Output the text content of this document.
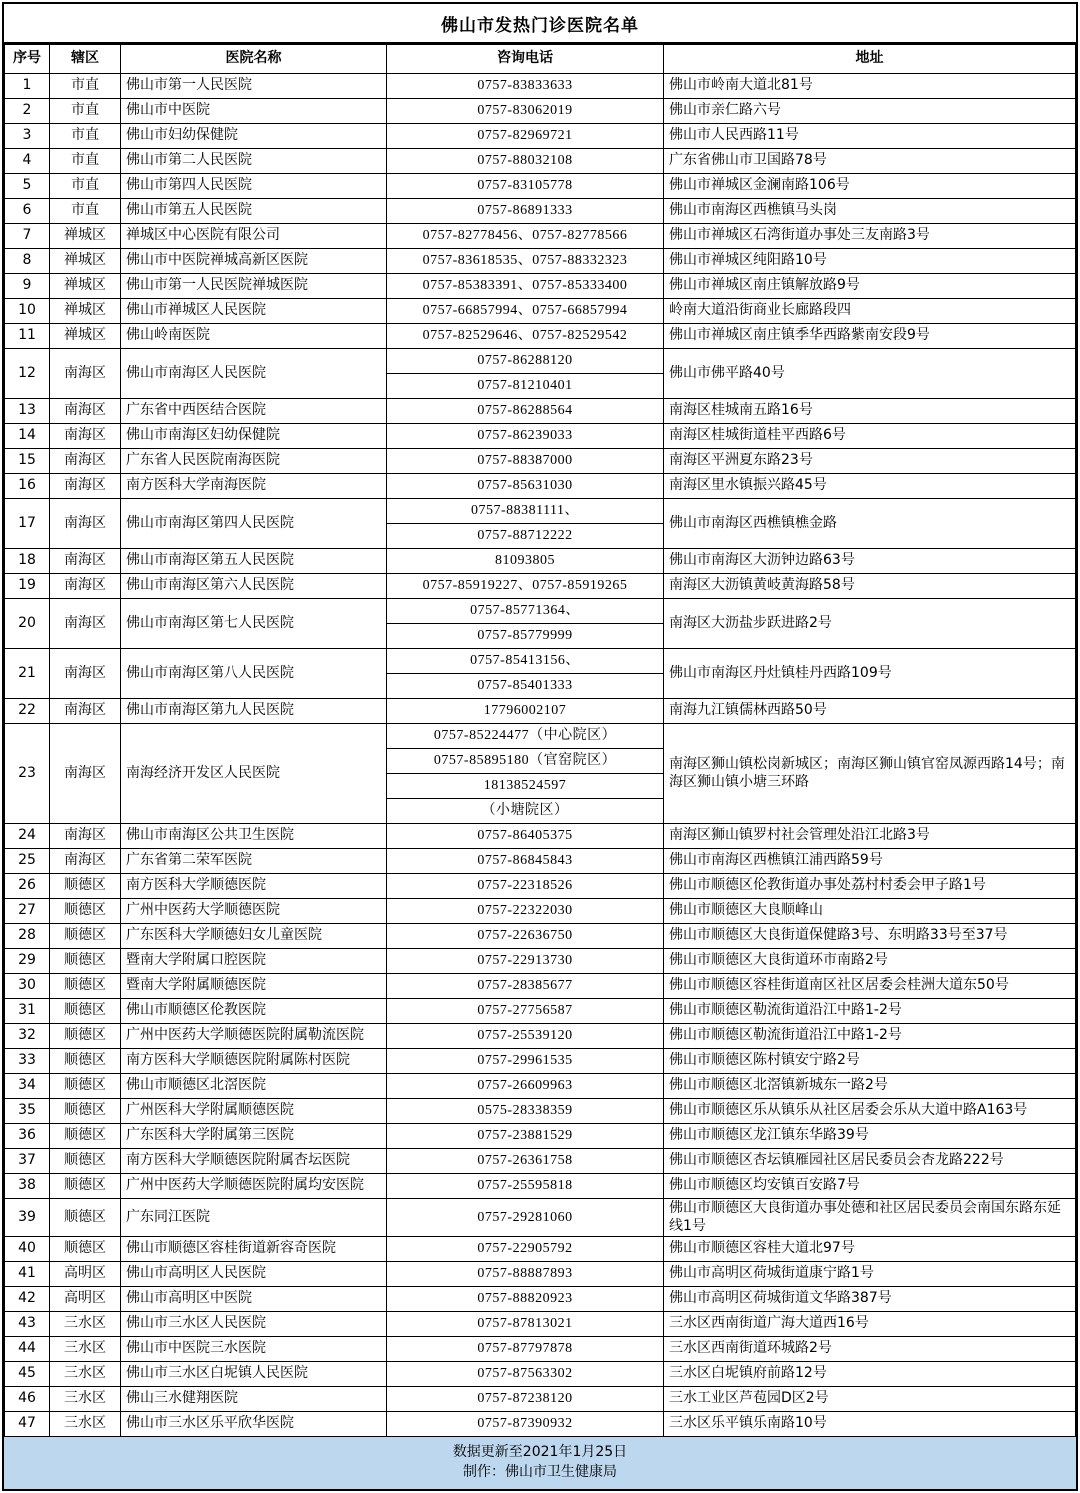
佛山市发热门诊医院名单
序号	辖区	医院名称	咨询电话	地址
1	市直	佛山市第一人民医院	0757-83833633	佛山市岭南大道北81号
2	市直	佛山市中医院	0757-83062019	佛山市亲仁路六号
3	市直	佛山市妇幼保健院	0757-82969721	佛山市人民西路11号
4	市直	佛山市第二人民医院	0757-88032108	广东省佛山市卫国路78号
5	市直	佛山市第四人民医院	0757-83105778	佛山市禅城区金澜南路106号
6	市直	佛山市第五人民医院	0757-86891333	佛山市南海区西樵镇马头岗
7	禅城区	禅城区中心医院有限公司	0757-82778456、0757-82778566	佛山市禅城区石湾街道办事处三友南路3号
8	禅城区	佛山市中医院禅城高新区医院	0757-83618535、0757-88332323	佛山市禅城区纯阳路10号
9	禅城区	佛山市第一人民医院禅城医院	0757-85383391、0757-85333400	佛山市禅城区南庄镇解放路9号
10	禅城区	佛山市禅城区人民医院	0757-66857994、0757-66857994	岭南大道沿街商业长廊路段四
11	禅城区	佛山岭南医院	0757-82529646、0757-82529542	佛山市禅城区南庄镇季华西路紫南安段9号
12	南海区	佛山市南海区人民医院	0757-86288120	佛山市佛平路40号
			0757-81210401	
13	南海区	广东省中西医结合医院	0757-86288564	南海区桂城南五路16号
14	南海区	佛山市南海区妇幼保健院	0757-86239033	南海区桂城街道桂平西路6号
15	南海区	广东省人民医院南海医院	0757-88387000	南海区平洲夏东路23号
16	南海区	南方医科大学南海医院	0757-85631030	南海区里水镇振兴路45号
17	南海区	佛山市南海区第四人民医院	0757-88381111、	佛山市南海区西樵镇樵金路
			0757-88712222	
18	南海区	佛山市南海区第五人民医院	81093805	佛山市南海区大沥钟边路63号
19	南海区	佛山市南海区第六人民医院	0757-85919227、0757-85919265	南海区大沥镇黄岐黄海路58号
20	南海区	佛山市南海区第七人民医院	0757-85771364、	南海区大沥盐步跃进路2号
			0757-85779999	
21	南海区	佛山市南海区第八人民医院	0757-85413156、	佛山市南海区丹灶镇桂丹西路109号
			0757-85401333	
22	南海区	佛山市南海区第九人民医院	17796002107	南海九江镇儒林西路50号
23	南海区	南海经济开发区人民医院	0757-85224477（中心院区）	南海区狮山镇松岗新城区；南海区狮山镇官窑凤源西路14号；南海区狮山镇小塘三环路
			0757-85895180（官窑院区）	
			18138524597	
			（小塘院区）	
24	南海区	佛山市南海区公共卫生医院	0757-86405375	南海区狮山镇罗村社会管理处沿江北路3号
25	南海区	广东省第二荣军医院	0757-86845843	佛山市南海区西樵镇江浦西路59号
26	顺德区	南方医科大学顺德医院	0757-22318526	佛山市顺德区伦教街道办事处荔村村委会甲子路1号
27	顺德区	广州中医药大学顺德医院	0757-22322030	佛山市顺德区大良顺峰山
28	顺德区	广东医科大学顺德妇女儿童医院	0757-22636750	佛山市顺德区大良街道保健路3号、东明路33号至37号
29	顺德区	暨南大学附属口腔医院	0757-22913730	佛山市顺德区大良街道环市南路2号
30	顺德区	暨南大学附属顺德医院	0757-28385677	佛山市顺德区容桂街道南区社区居委会桂洲大道东50号
31	顺德区	佛山市顺德区伦教医院	0757-27756587	佛山市顺德区勒流街道沿江中路1-2号
32	顺德区	广州中医药大学顺德医院附属勒流医院	0757-25539120	佛山市顺德区勒流街道沿江中路1-2号
33	顺德区	南方医科大学顺德医院附属陈村医院	0757-29961535	佛山市顺德区陈村镇安宁路2号
34	顺德区	佛山市顺德区北滘医院	0757-26609963	佛山市顺德区北滘镇新城东一路2号
35	顺德区	广州医科大学附属顺德医院	0575-28338359	佛山市顺德区乐从镇乐从社区居委会乐从大道中路A163号
36	顺德区	广东医科大学附属第三医院	0757-23881529	佛山市顺德区龙江镇东华路39号
37	顺德区	南方医科大学顺德医院附属杏坛医院	0757-26361758	佛山市顺德区杏坛镇雁园社区居民委员会杏龙路222号
38	顺德区	广州中医药大学顺德医院附属均安医院	0757-25595818	佛山市顺德区均安镇百安路7号
39	顺德区	广东同江医院	0757-29281060	佛山市顺德区大良街道办事处德和社区居民委员会南国东路东延线1号
40	顺德区	佛山市顺德区容桂街道新容奇医院	0757-22905792	佛山市顺德区容桂大道北97号
41	高明区	佛山市高明区人民医院	0757-88887893	佛山市高明区荷城街道康宁路1号
42	高明区	佛山市高明区中医院	0757-88820923	佛山市高明区荷城街道文华路387号
43	三水区	佛山市三水区人民医院	0757-87813021	三水区西南街道广海大道西16号
44	三水区	佛山市中医院三水医院	0757-87797878	三水区西南街道环城路2号
45	三水区	佛山市三水区白坭镇人民医院	0757-87563302	三水区白坭镇府前路12号
46	三水区	佛山三水健翔医院	0757-87238120	三水工业区芦苞园D区2号
47	三水区	佛山市三水区乐平欣华医院	0757-87390932	三水区乐平镇乐南路10号
数据更新至2021年1月25日
制作：佛山市卫生健康局
